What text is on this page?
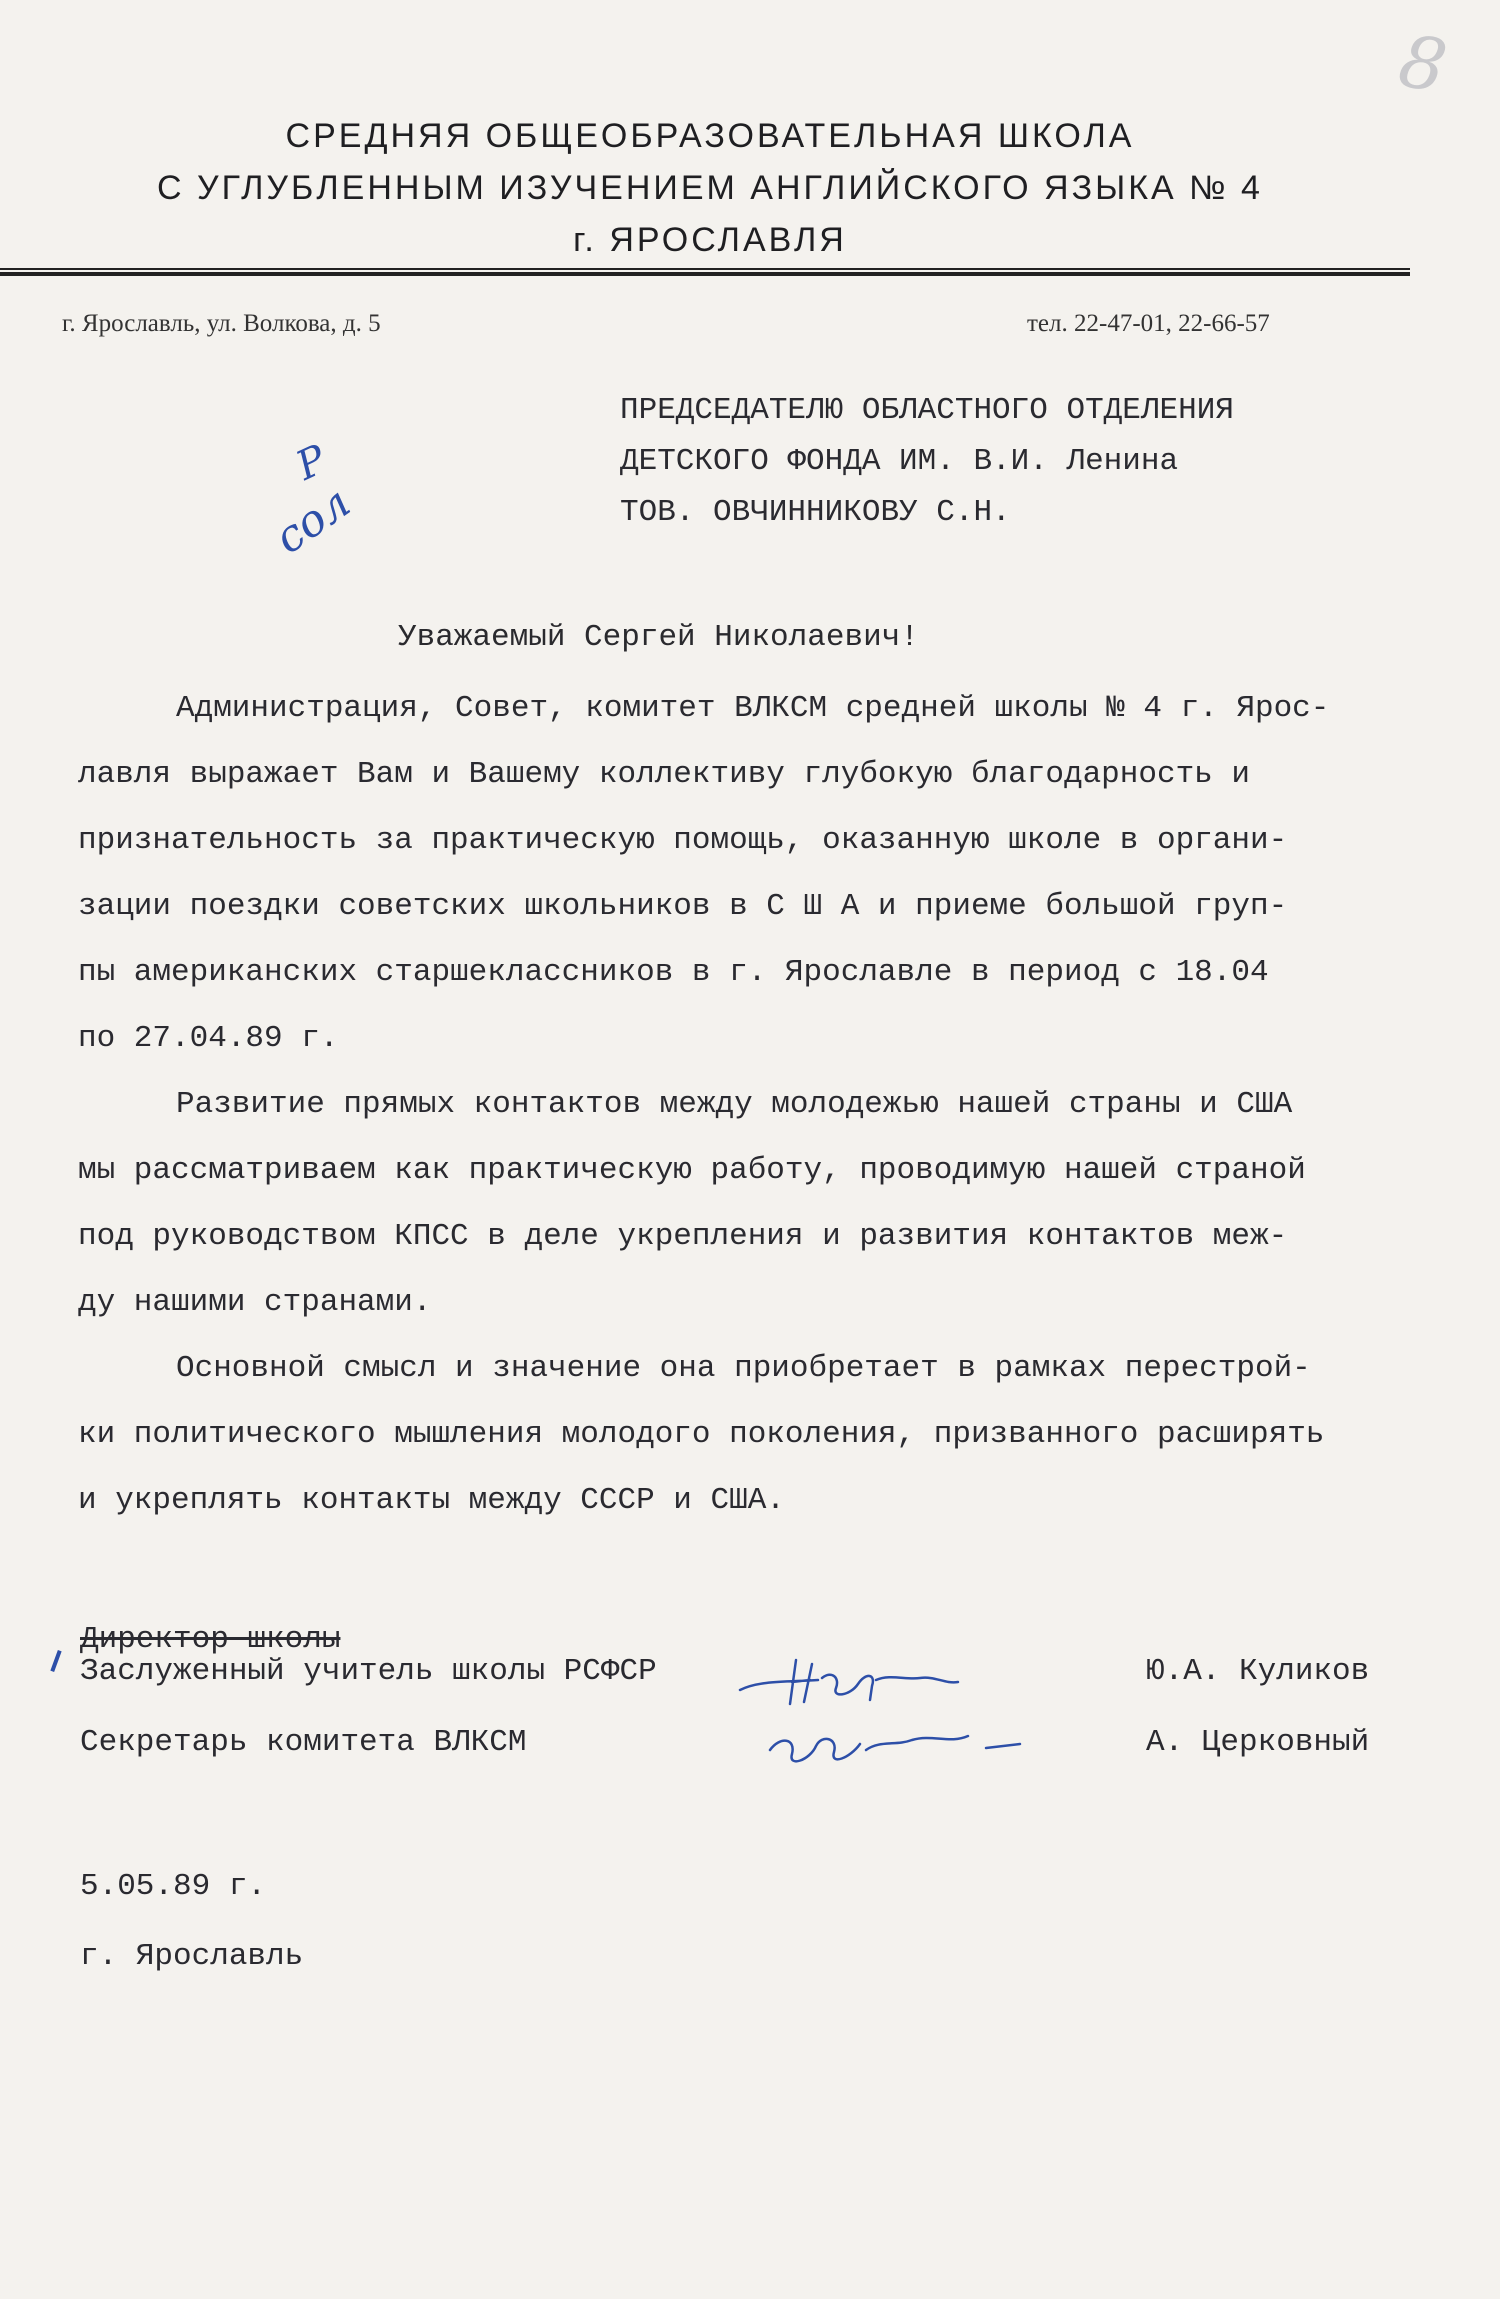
8
СРЕДНЯЯ ОБЩЕОБРАЗОВАТЕЛЬНАЯ ШКОЛА
С УГЛУБЛЕННЫМ ИЗУЧЕНИЕМ АНГЛИЙСКОГО ЯЗЫКА № 4
г. ЯРОСЛАВЛЯ
г. Ярославль, ул. Волкова, д. 5	тел. 22-47-01, 22-66-57
ПРЕДСЕДАТЕЛЮ ОБЛАСТНОГО ОТДЕЛЕНИЯ
ДЕТСКОГО ФОНДА ИМ. В.И. Ленина
ТОВ. ОВЧИННИКОВУ С.Н.
Р
сол
Уважаемый Сергей Николаевич!
Администрация, Совет, комитет ВЛКСМ средней школы № 4 г. Ярос-
лавля выражает Вам и Вашему коллективу глубокую благодарность и
признательность за практическую помощь, оказанную школе в органи-
зации поездки советских школьников в С Ш А и приеме большой груп-
пы американских старшеклассников в г. Ярославле в период с 18.04
по 27.04.89 г.
Развитие прямых контактов между молодежью нашей страны и США
мы рассматриваем как практическую работу, проводимую нашей страной
под руководством КПСС в деле укрепления и развития контактов меж-
ду нашими странами.
Основной смысл и значение она приобретает в рамках перестрой-
ки политического мышления молодого поколения, призванного расширять
и укреплять контакты между СССР и США.
Директор школы
Заслуженный учитель школы РСФСР	Ю.А. Куликов
Секретарь комитета ВЛКСМ	А. Церковный
5.05.89 г.
г. Ярославль
